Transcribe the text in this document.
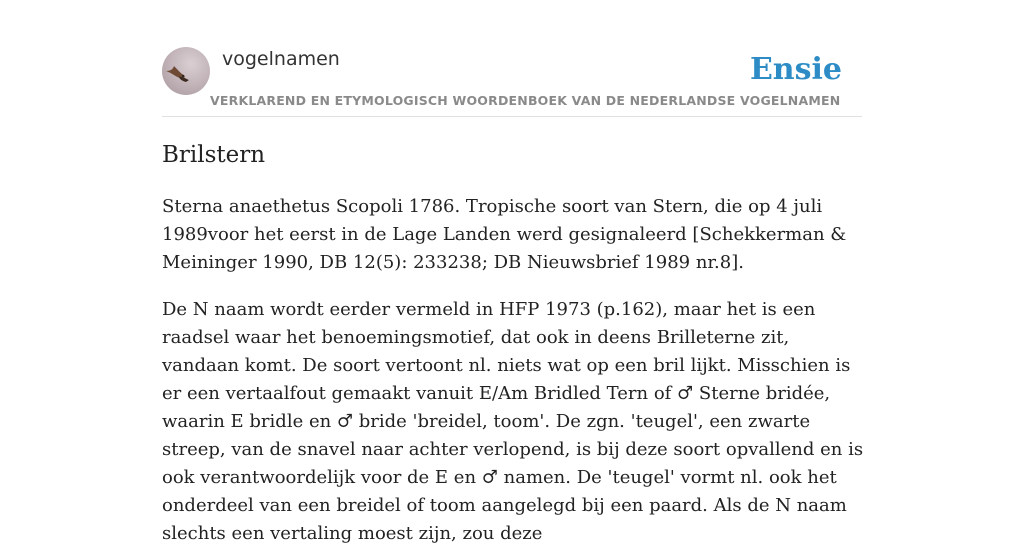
vogelnamen	Ensie
VERKLAREND EN ETYMOLOGISCH WOORDENBOEK VAN DE NEDERLANDSE VOGELNAMEN
Brilstern

Sterna anaethetus Scopoli 1786. Tropische soort van Stern, die op 4 juli 1989voor het eerst in de Lage Landen werd gesignaleerd [Schekkerman & Meininger 1990, DB 12(5): 233238; DB Nieuwsbrief 1989 nr.8].

De N naam wordt eerder vermeld in HFP 1973 (p.162), maar het is een raadsel waar het benoemingsmotief, dat ook in deens Brilleterne zit, vandaan komt. De soort vertoont nl. niets wat op een bril lijkt. Misschien is er een vertaalfout gemaakt vanuit E/Am Bridled Tern of ♂ Sterne bridée, waarin E bridle en ♂ bride 'breidel, toom'. De zgn. 'teugel', een zwarte streep, van de snavel naar achter verlopend, is bij deze soort opvallend en is ook verantwoordelijk voor de E en ♂ namen. De 'teugel' vormt nl. ook het onderdeel van een breidel of toom aangelegd bij een paard. Als de N naam slechts een vertaling moest zijn, zou deze
